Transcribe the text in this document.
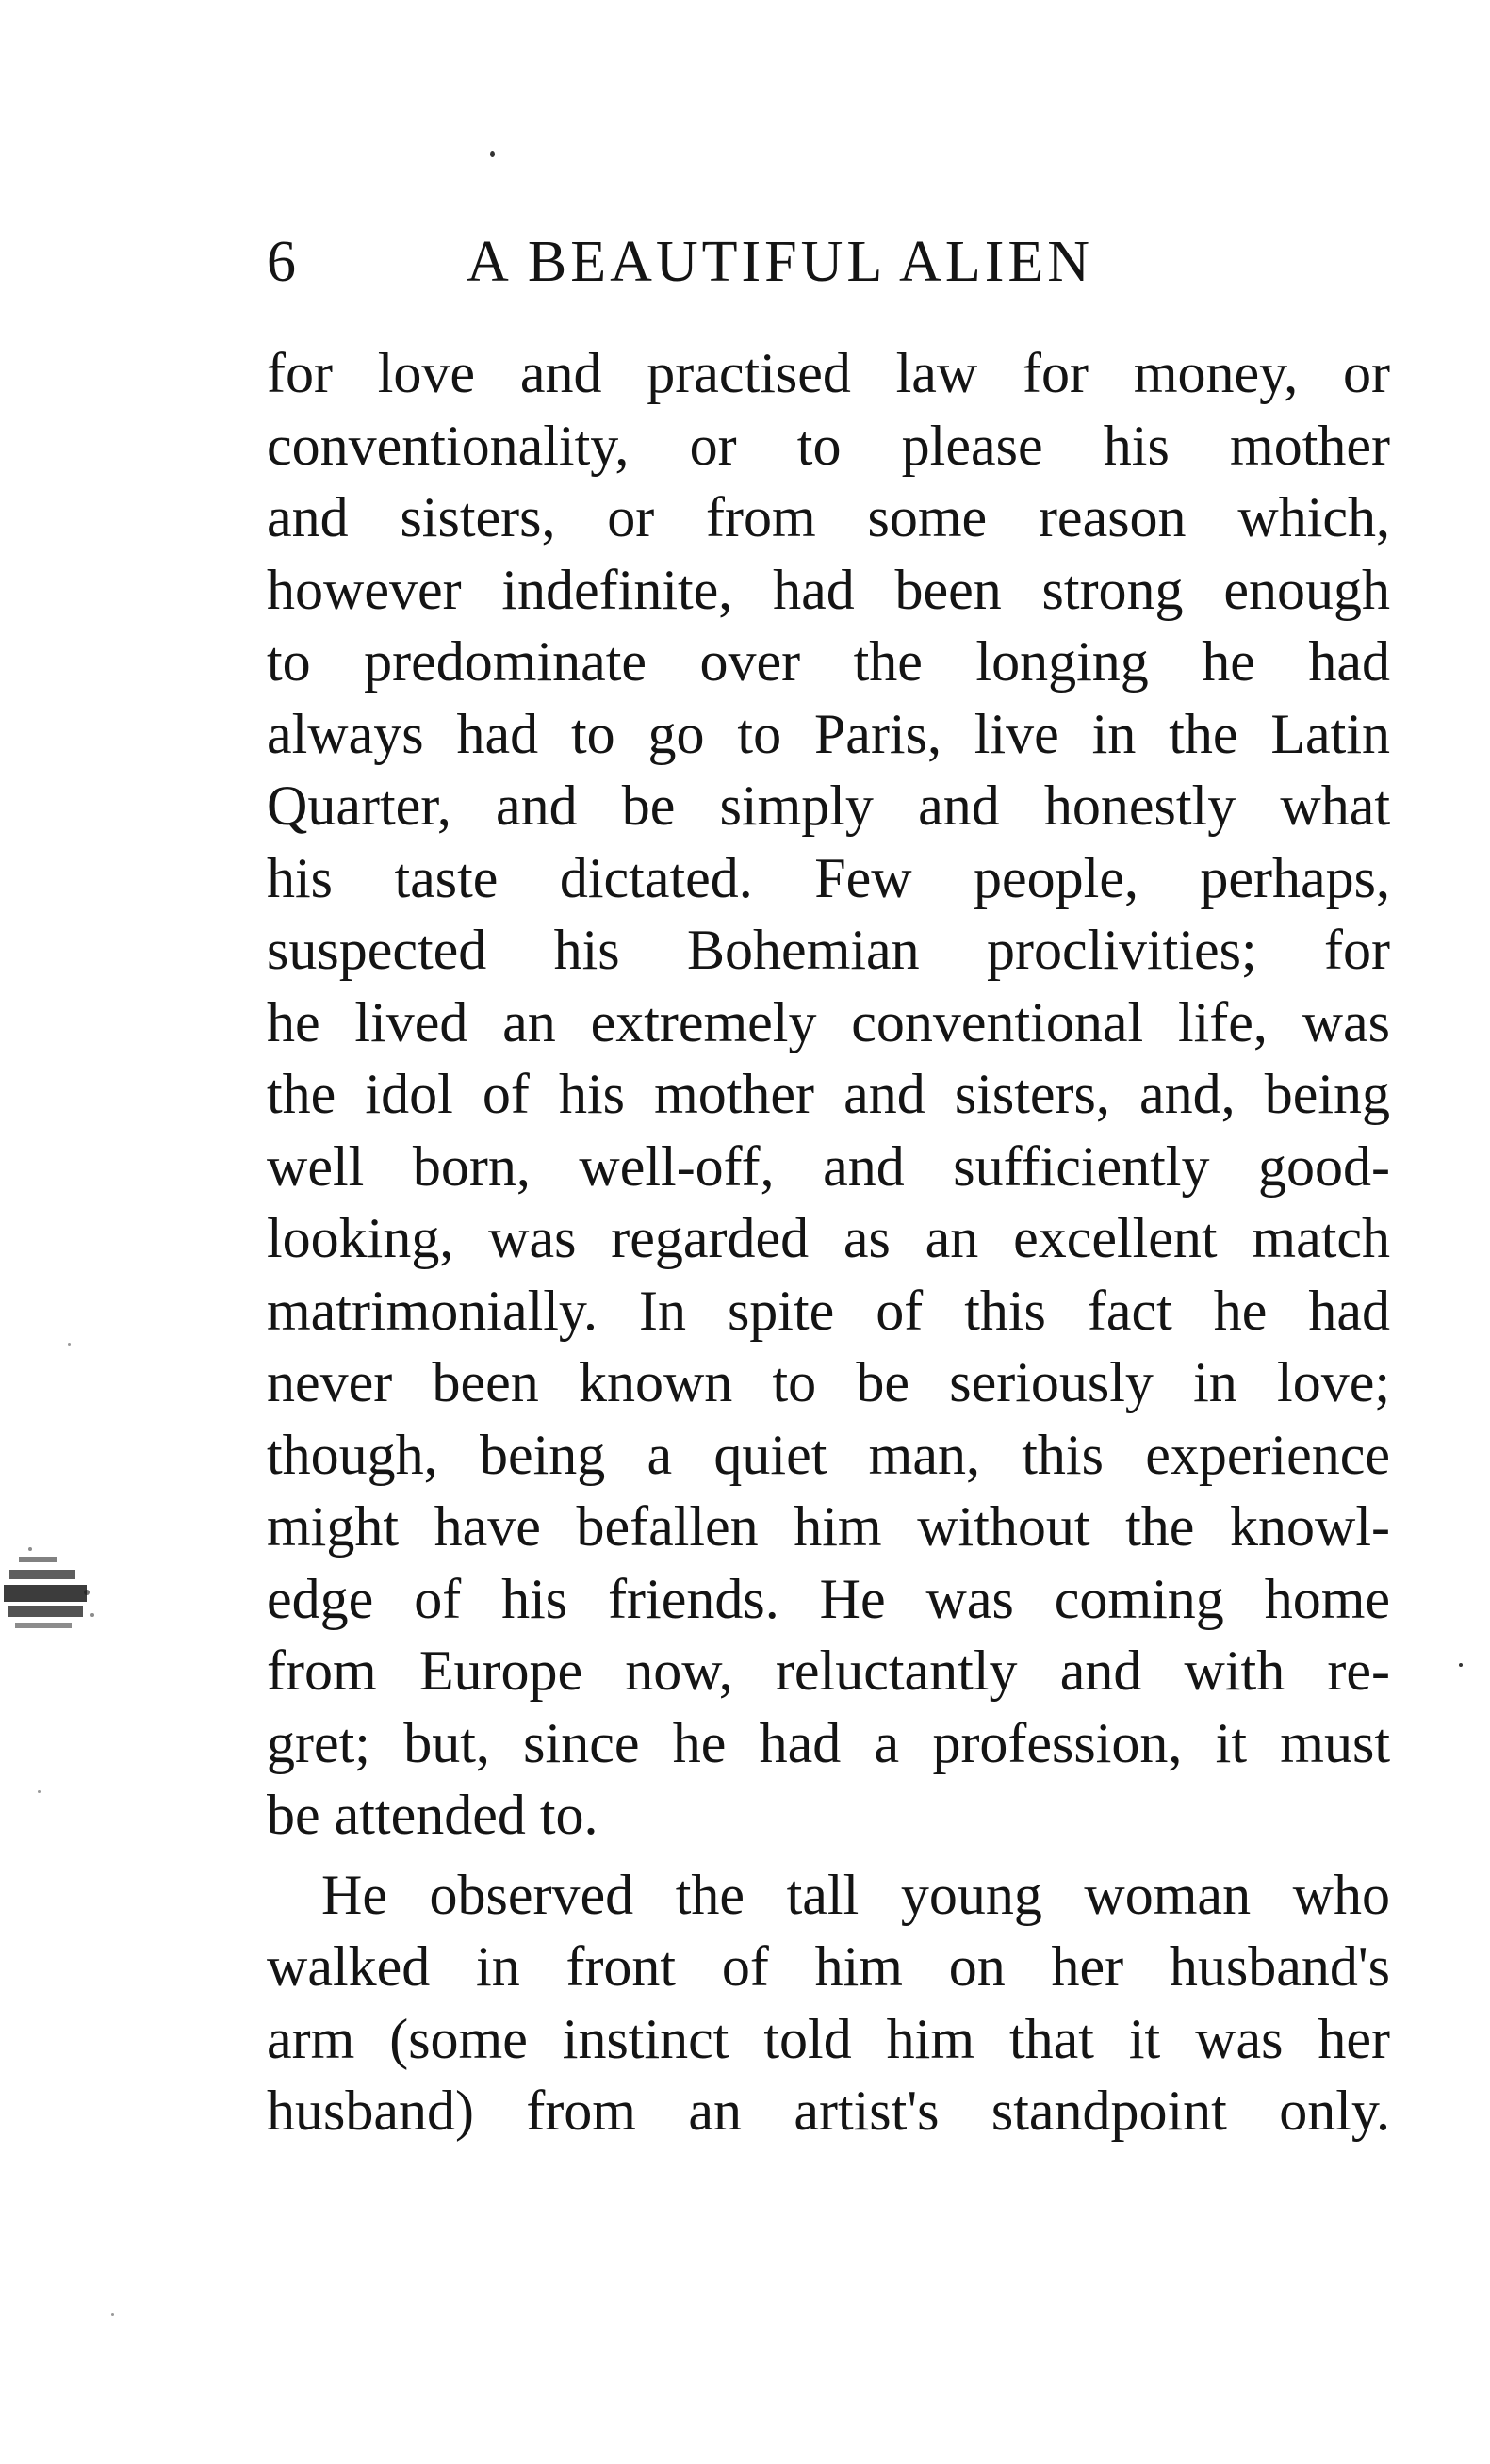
6	A BEAUTIFUL ALIEN
for love and practised law for money, or
conventionality, or to please his mother
and sisters, or from some reason which,
however indefinite, had been strong enough
to predominate over the longing he had
always had to go to Paris, live in the Latin
Quarter, and be simply and honestly what
his taste dictated. Few people, perhaps,
suspected his Bohemian proclivities; for
he lived an extremely conventional life, was
the idol of his mother and sisters, and, being
well born, well-off, and sufficiently good-
looking, was regarded as an excellent match
matrimonially. In spite of this fact he had
never been known to be seriously in love;
though, being a quiet man, this experience
might have befallen him without the knowl-
edge of his friends. He was coming home
from Europe now, reluctantly and with re-
gret; but, since he had a profession, it must
be attended to.
He observed the tall young woman who
walked in front of him on her husband's
arm (some instinct told him that it was her
husband) from an artist's standpoint only.
